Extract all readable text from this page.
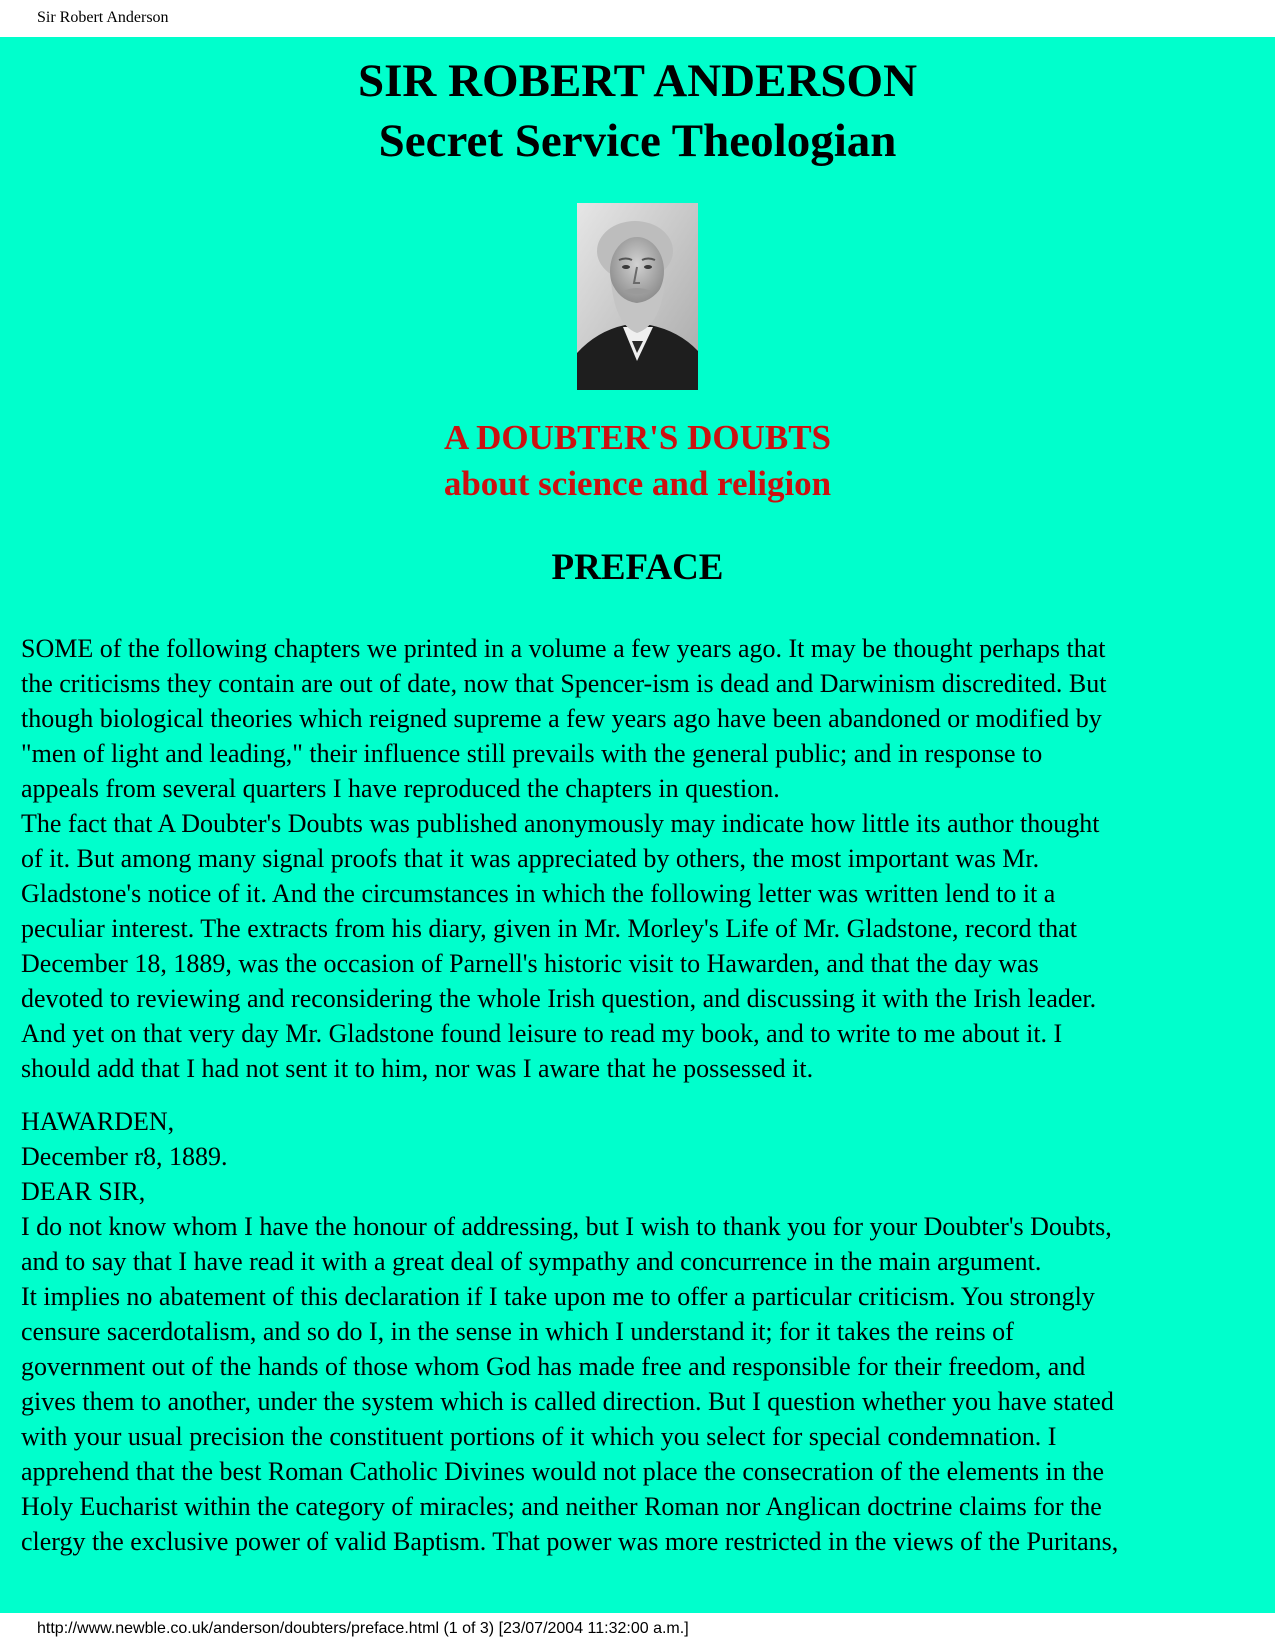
Sir Robert Anderson
SIR ROBERT ANDERSON
Secret Service Theologian
A DOUBTER'S DOUBTS
about science and religion
PREFACE
SOME of the following chapters we printed in a volume a few years ago. It may be thought perhaps that
the criticisms they contain are out of date, now that Spencer-ism is dead and Darwinism discredited. But
though biological theories which reigned supreme a few years ago have been abandoned or modified by
"men of light and leading," their influence still prevails with the general public; and in response to
appeals from several quarters I have reproduced the chapters in question.
The fact that A Doubter's Doubts was published anonymously may indicate how little its author thought
of it. But among many signal proofs that it was appreciated by others, the most important was Mr.
Gladstone's notice of it. And the circumstances in which the following letter was written lend to it a
peculiar interest. The extracts from his diary, given in Mr. Morley's Life of Mr. Gladstone, record that
December 18, 1889, was the occasion of Parnell's historic visit to Hawarden, and that the day was
devoted to reviewing and reconsidering the whole Irish question, and discussing it with the Irish leader.
And yet on that very day Mr. Gladstone found leisure to read my book, and to write to me about it. I
should add that I had not sent it to him, nor was I aware that he possessed it.
HAWARDEN,
December r8, 1889.
DEAR SIR,
I do not know whom I have the honour of addressing, but I wish to thank you for your Doubter's Doubts,
and to say that I have read it with a great deal of sympathy and concurrence in the main argument.
It implies no abatement of this declaration if I take upon me to offer a particular criticism. You strongly
censure sacerdotalism, and so do I, in the sense in which I understand it; for it takes the reins of
government out of the hands of those whom God has made free and responsible for their freedom, and
gives them to another, under the system which is called direction. But I question whether you have stated
with your usual precision the constituent portions of it which you select for special condemnation. I
apprehend that the best Roman Catholic Divines would not place the consecration of the elements in the
Holy Eucharist within the category of miracles; and neither Roman nor Anglican doctrine claims for the
clergy the exclusive power of valid Baptism. That power was more restricted in the views of the Puritans,
http://www.newble.co.uk/anderson/doubters/preface.html (1 of 3) [23/07/2004 11:32:00 a.m.]
